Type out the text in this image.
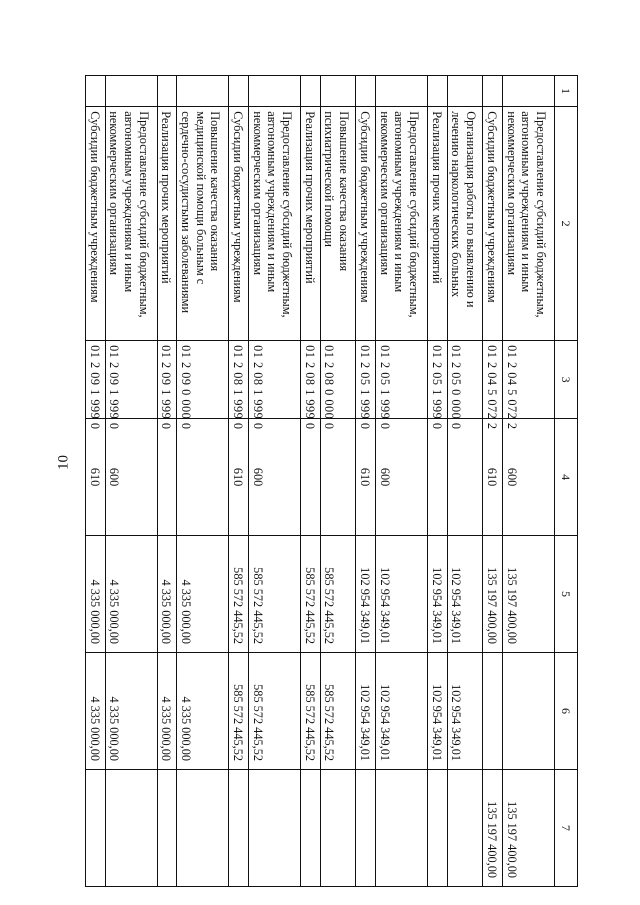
10
1	2	3	4	5	6	7
	Предоставление субсидий бюджетным, автономным учреждениям и иным некоммерческим организациям	01 2 04 5 072 2	600	135 197 400,00		135 197 400,00
	Субсидии бюджетным учреждениям	01 2 04 5 072 2	610	135 197 400,00		135 197 400,00
	Организация работы по выявлению и лечению наркологических больных	01 2 05 0 000 0		102 954 349,01	102 954 349,01	
	Реализация прочих мероприятий	01 2 05 1 999 0		102 954 349,01	102 954 349,01	
	Предоставление субсидий бюджетным, автономным учреждениям и иным некоммерческим организациям	01 2 05 1 999 0	600	102 954 349,01	102 954 349,01	
	Субсидии бюджетным учреждениям	01 2 05 1 999 0	610	102 954 349,01	102 954 349,01	
	Повышение качества оказания психиатрической помощи	01 2 08 0 000 0		585 572 445,52	585 572 445,52	
	Реализация прочих мероприятий	01 2 08 1 999 0		585 572 445,52	585 572 445,52	
	Предоставление субсидий бюджетным, автономным учреждениям и иным некоммерческим организациям	01 2 08 1 999 0	600	585 572 445,52	585 572 445,52	
	Субсидии бюджетным учреждениям	01 2 08 1 999 0	610	585 572 445,52	585 572 445,52	
	Повышение качества оказания медицинской помощи больным с сердечно-сосудистыми заболеваниями	01 2 09 0 000 0		4 335 000,00	4 335 000,00	
	Реализация прочих мероприятий	01 2 09 1 999 0		4 335 000,00	4 335 000,00	
	Предоставление субсидий бюджетным, автономным учреждениям и иным некоммерческим организациям	01 2 09 1 999 0	600	4 335 000,00	4 335 000,00	
	Субсидии бюджетным учреждениям	01 2 09 1 999 0	610	4 335 000,00	4 335 000,00	
